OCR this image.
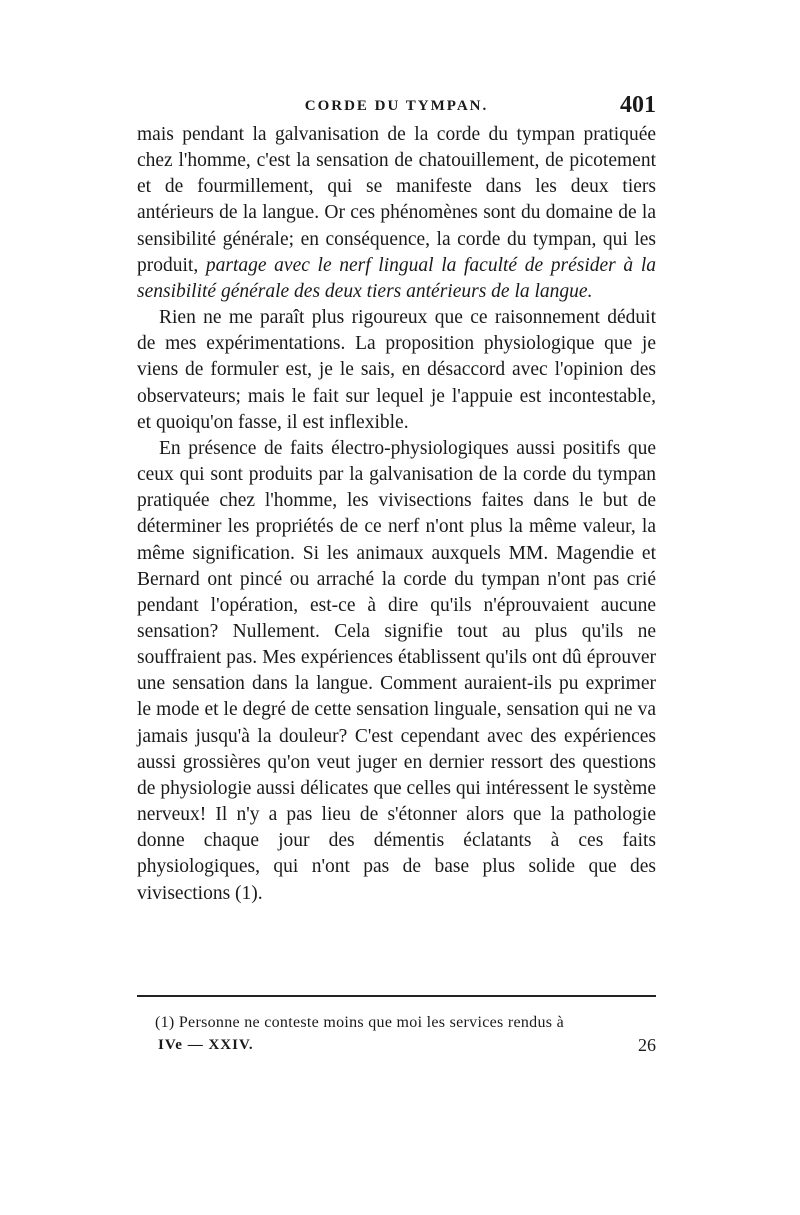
CORDE DU TYMPAN.	401

mais pendant la galvanisation de la corde du tympan pratiquée chez l'homme, c'est la sensation de chatouillement, de picotement et de fourmillement, qui se manifeste dans les deux tiers antérieurs de la langue. Or ces phénomènes sont du domaine de la sensibilité générale; en conséquence, la corde du tympan, qui les produit, partage avec le nerf lingual la faculté de présider à la sensibilité générale des deux tiers antérieurs de la langue.

Rien ne me paraît plus rigoureux que ce raisonnement déduit de mes expérimentations. La proposition physiologique que je viens de formuler est, je le sais, en désaccord avec l'opinion des observateurs; mais le fait sur lequel je l'appuie est incontestable, et quoiqu'on fasse, il est inflexible.

En présence de faits électro-physiologiques aussi positifs que ceux qui sont produits par la galvanisation de la corde du tympan pratiquée chez l'homme, les vivisections faites dans le but de déterminer les propriétés de ce nerf n'ont plus la même valeur, la même signification. Si les animaux auxquels MM. Magendie et Bernard ont pincé ou arraché la corde du tympan n'ont pas crié pendant l'opération, est-ce à dire qu'ils n'éprouvaient aucune sensation? Nullement. Cela signifie tout au plus qu'ils ne souffraient pas. Mes expériences établissent qu'ils ont dû éprouver une sensation dans la langue. Comment auraient-ils pu exprimer le mode et le degré de cette sensation linguale, sensation qui ne va jamais jusqu'à la douleur? C'est cependant avec des expériences aussi grossières qu'on veut juger en dernier ressort des questions de physiologie aussi délicates que celles qui intéressent le système nerveux! Il n'y a pas lieu de s'étonner alors que la pathologie donne chaque jour des démentis éclatants à ces faits physiologiques, qui n'ont pas de base plus solide que des vivisections (1).

(1) Personne ne conteste moins que moi les services rendus à
IVe — XXIV.	26
